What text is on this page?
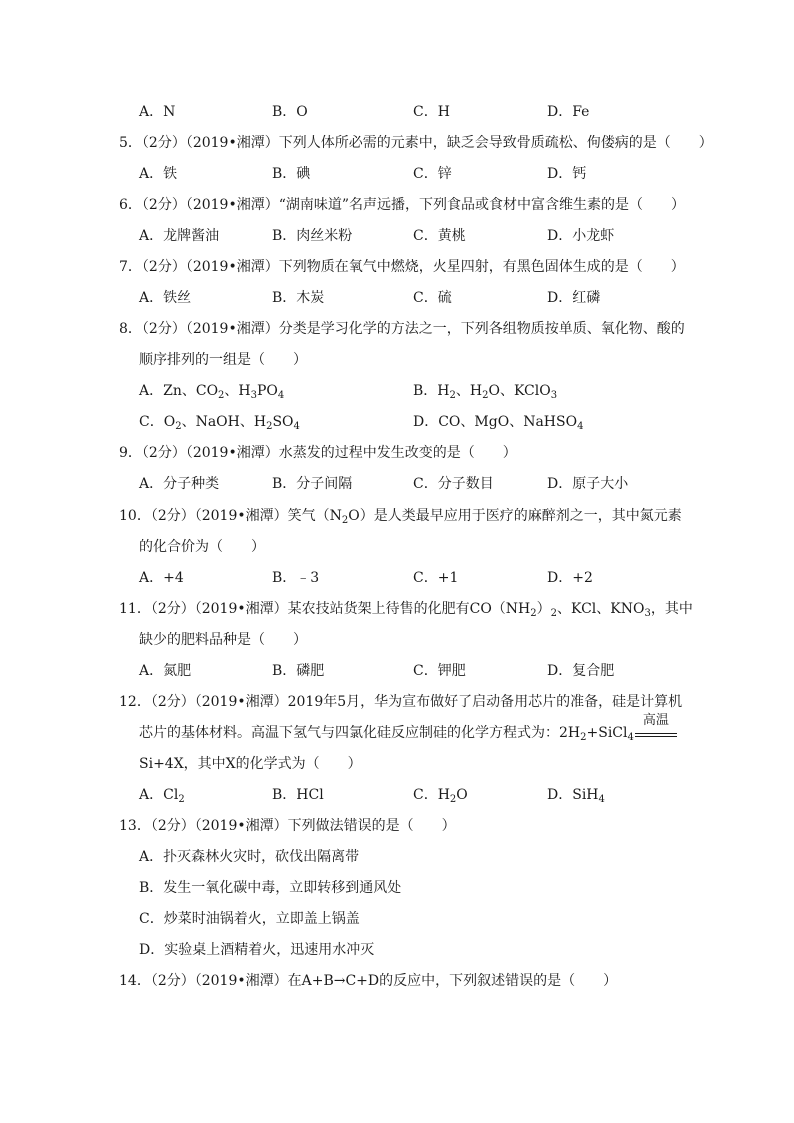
A．N	B．O	C．H	D．Fe
5．（2分）（2019•湘潭）下列人体所必需的元素中，缺乏会导致骨质疏松、佝偻病的是（　　）
A．铁	B．碘	C．锌	D．钙
6．（2分）（2019•湘潭）“湖南味道”名声远播，下列食品或食材中富含维生素的是（　　）
A．龙牌酱油	B．肉丝米粉	C．黄桃	D．小龙虾
7．（2分）（2019•湘潭）下列物质在氧气中燃烧，火星四射，有黑色固体生成的是（　　）
A．铁丝	B．木炭	C．硫	D．红磷
8．（2分）（2019•湘潭）分类是学习化学的方法之一，下列各组物质按单质、氧化物、酸的
顺序排列的一组是（　　）
A．Zn、$CO_2$、$H_3PO_4$	B．$H_2$、$H_2O$、KClO$_3$
C．$O_2$、NaOH、$H_2SO_4$	D．CO、MgO、NaHSO$_4$
9．（2分）（2019•湘潭）水蒸发的过程中发生改变的是（　　）
A．分子种类	B．分子间隔	C．分子数目	D．原子大小
10．（2分）（2019•湘潭）笑气$(N_2O)$是人类最早应用于医疗的麻醉剂之一，其中氮元素
的化合价为（　　）
A．+4	B．﹣3	C．+1	D．+2
11．（2分）（2019•湘潭）某农技站货架上待售的化肥有$CO(NH_2)_2$、KCl、$KNO_3$，其中
缺少的肥料品种是（　　）
A．氮肥	B．磷肥	C．钾肥	D．复合肥
12．（2分）（2019•湘潭）2019年5月，华为宣布做好了启动备用芯片的准备，硅是计算机
芯片的基体材料。高温下氢气与四氯化硅反应制硅的化学方程式为：$2H_2+SiCl_4$
高温
Si+4X，其中X的化学式为（　　）
A．$Cl_2$	B．HCl	C．$H_2O$	D．SiH$_4$
13．（2分）（2019•湘潭）下列做法错误的是（　　）
A．扑灭森林火灾时，砍伐出隔离带
B．发生一氧化碳中毒，立即转移到通风处
C．炒菜时油锅着火，立即盖上锅盖
D．实验桌上酒精着火，迅速用水冲灭
14．（2分）（2019•湘潭）在A+B→C+D的反应中，下列叙述错误的是（　　）
